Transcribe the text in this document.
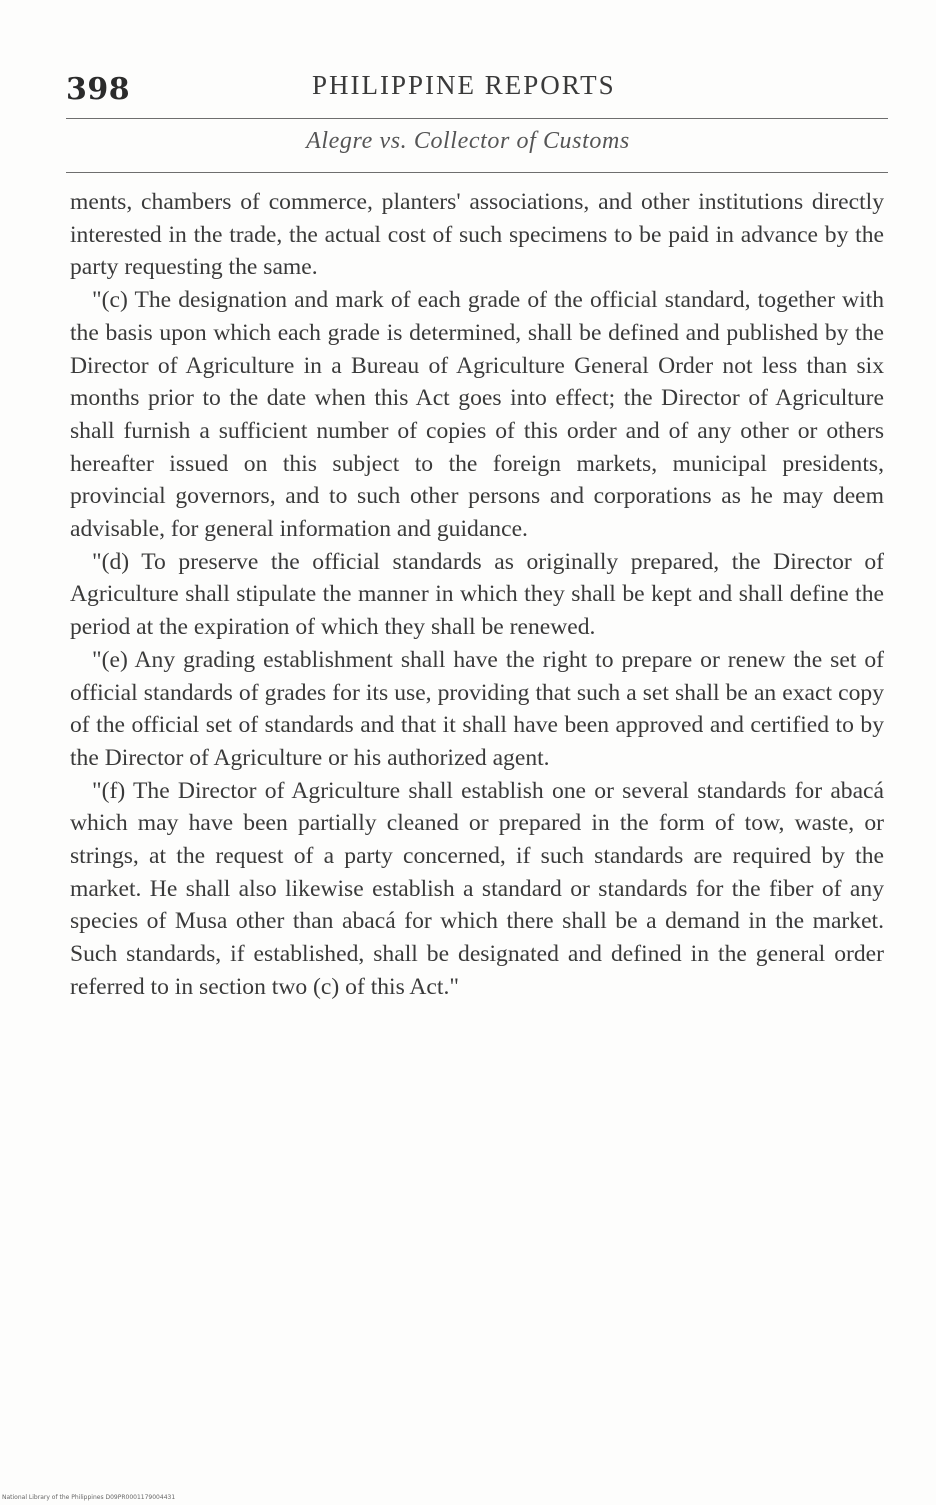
398	PHILIPPINE REPORTS
Alegre vs. Collector of Customs

ments, chambers of commerce, planters' associations, and other institutions directly interested in the trade, the actual cost of such specimens to be paid in advance by the party requesting the same.

"(c) The designation and mark of each grade of the official standard, together with the basis upon which each grade is determined, shall be defined and published by the Director of Agriculture in a Bureau of Agriculture General Order not less than six months prior to the date when this Act goes into effect; the Director of Agriculture shall furnish a sufficient number of copies of this order and of any other or others hereafter issued on this subject to the foreign markets, municipal presidents, provincial governors, and to such other persons and corporations as he may deem advisable, for general information and guidance.

"(d) To preserve the official standards as originally prepared, the Director of Agriculture shall stipulate the manner in which they shall be kept and shall define the period at the expiration of which they shall be renewed.

"(e) Any grading establishment shall have the right to prepare or renew the set of official standards of grades for its use, providing that such a set shall be an exact copy of the official set of standards and that it shall have been approved and certified to by the Director of Agriculture or his authorized agent.

"(f) The Director of Agriculture shall establish one or several standards for abacá which may have been partially cleaned or prepared in the form of tow, waste, or strings, at the request of a party concerned, if such standards are required by the market. He shall also likewise establish a standard or standards for the fiber of any species of Musa other than abacá for which there shall be a demand in the market. Such standards, if established, shall be designated and defined in the general order referred to in section two (c) of this Act."

National Library of the Philippines D09PR0001179004431
